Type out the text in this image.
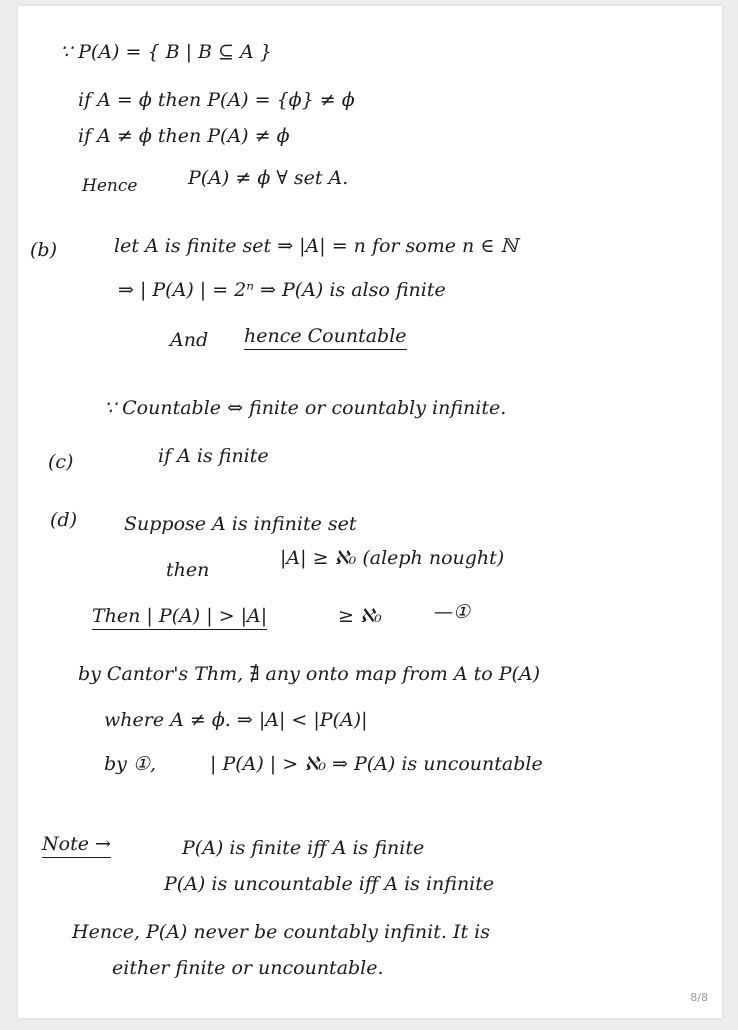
∵ P(A) = { B | B ⊆ A }
if A = ϕ then P(A) = {ϕ} ≠ ϕ
if A ≠ ϕ then P(A) ≠ ϕ
Hence	P(A) ≠ ϕ ∀ set A.
(b)	let A is finite set ⇒ |A| = n for some n ∈ ℕ
⇒ | P(A) | = 2ⁿ ⇒ P(A) is also finite
And hence Countable
∵ Countable ⇔ finite or countably infinite.
(c)	if A is finite
(d) Suppose A is infinite set
then
|A| ≥ ℵ₀ (aleph nought)
Then | P(A) | > |A|	≥ ℵ₀	—①
by Cantor's Thm, ∄ any onto map from A to P(A)
where A ≠ ϕ. ⇒ |A| < |P(A)|
by ①,	| P(A) | > ℵ₀ ⇒ P(A) is uncountable
Note →	P(A) is finite iff A is finite
P(A) is uncountable iff A is infinite
Hence, P(A) never be countably infinit. It is
either finite or uncountable.
8/8
